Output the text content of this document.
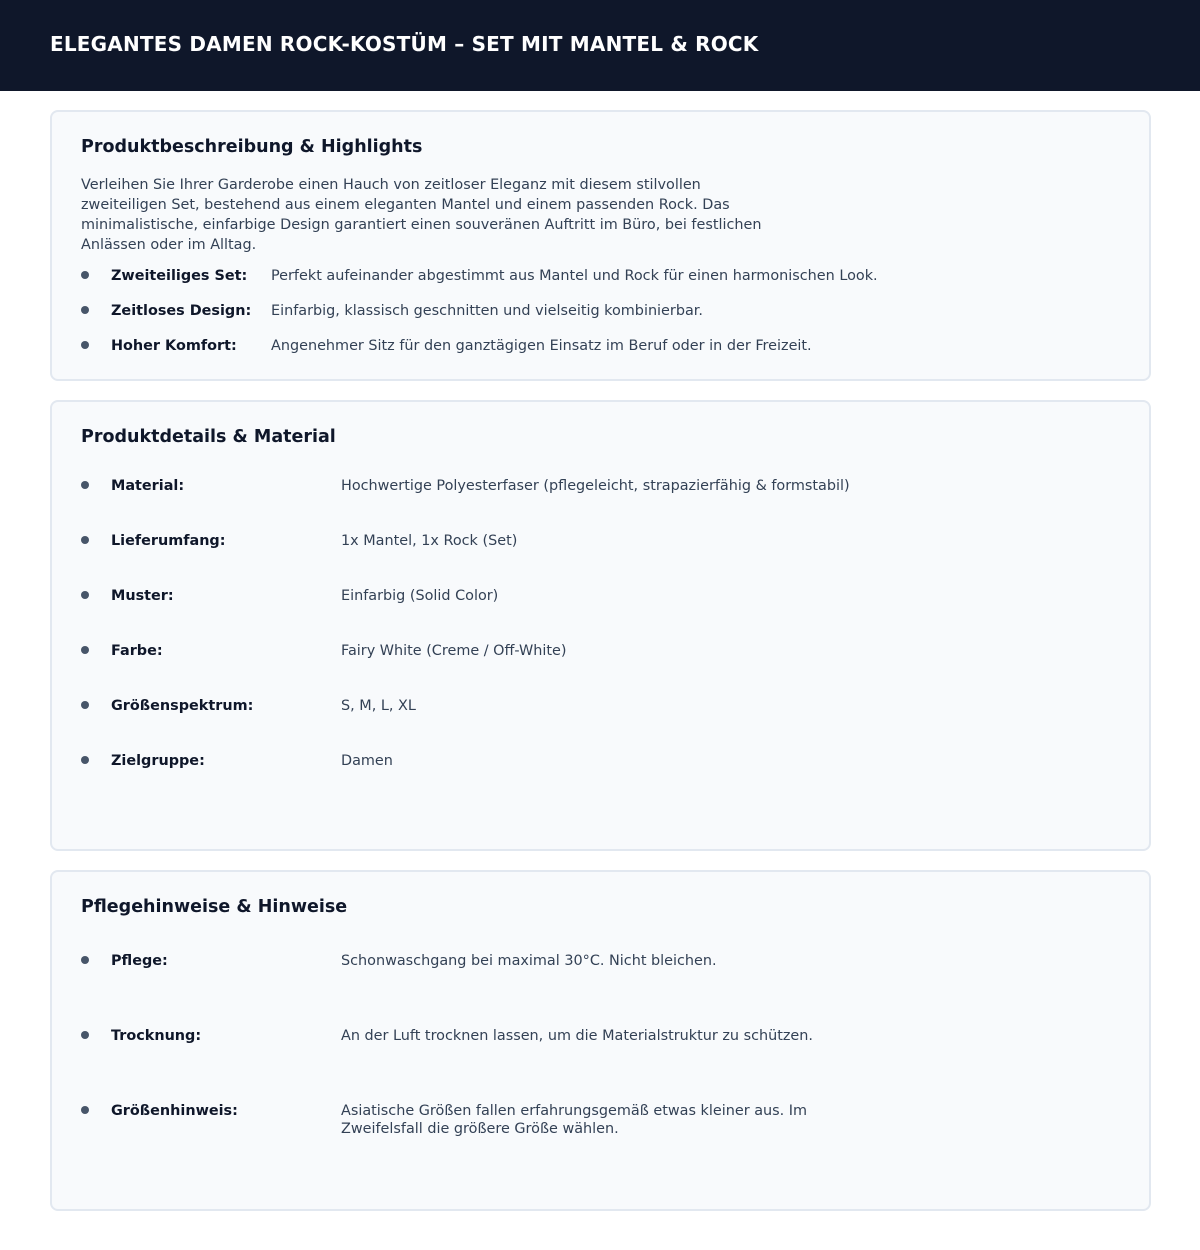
ELEGANTES DAMEN ROCK-KOSTÜM – SET MIT MANTEL & ROCK
Produktbeschreibung & Highlights

Verleihen Sie Ihrer Garderobe einen Hauch von zeitloser Eleganz mit diesem stilvollen zweiteiligen Set, bestehend aus einem eleganten Mantel und einem passenden Rock. Das minimalistische, einfarbige Design garantiert einen souveränen Auftritt im Büro, bei festlichen Anlässen oder im Alltag.

Zweiteiliges Set: Perfekt aufeinander abgestimmt aus Mantel und Rock für einen harmonischen Look.
Zeitloses Design: Einfarbig, klassisch geschnitten und vielseitig kombinierbar.
Hoher Komfort: Angenehmer Sitz für den ganztägigen Einsatz im Beruf oder in der Freizeit.
Produktdetails & Material
Material:	Hochwertige Polyesterfaser (pflegeleicht, strapazierfähig & formstabil)
Lieferumfang:	1x Mantel, 1x Rock (Set)
Muster:	Einfarbig (Solid Color)
Farbe:	Fairy White (Creme / Off-White)
Größenspektrum:	S, M, L, XL
Zielgruppe:	Damen
Pflegehinweise & Hinweise
Pflege:	Schonwaschgang bei maximal 30°C. Nicht bleichen.
Trocknung:	An der Luft trocknen lassen, um die Materialstruktur zu schützen.
Größenhinweis:	Asiatische Größen fallen erfahrungsgemäß etwas kleiner aus. Im Zweifelsfall die größere Größe wählen.
